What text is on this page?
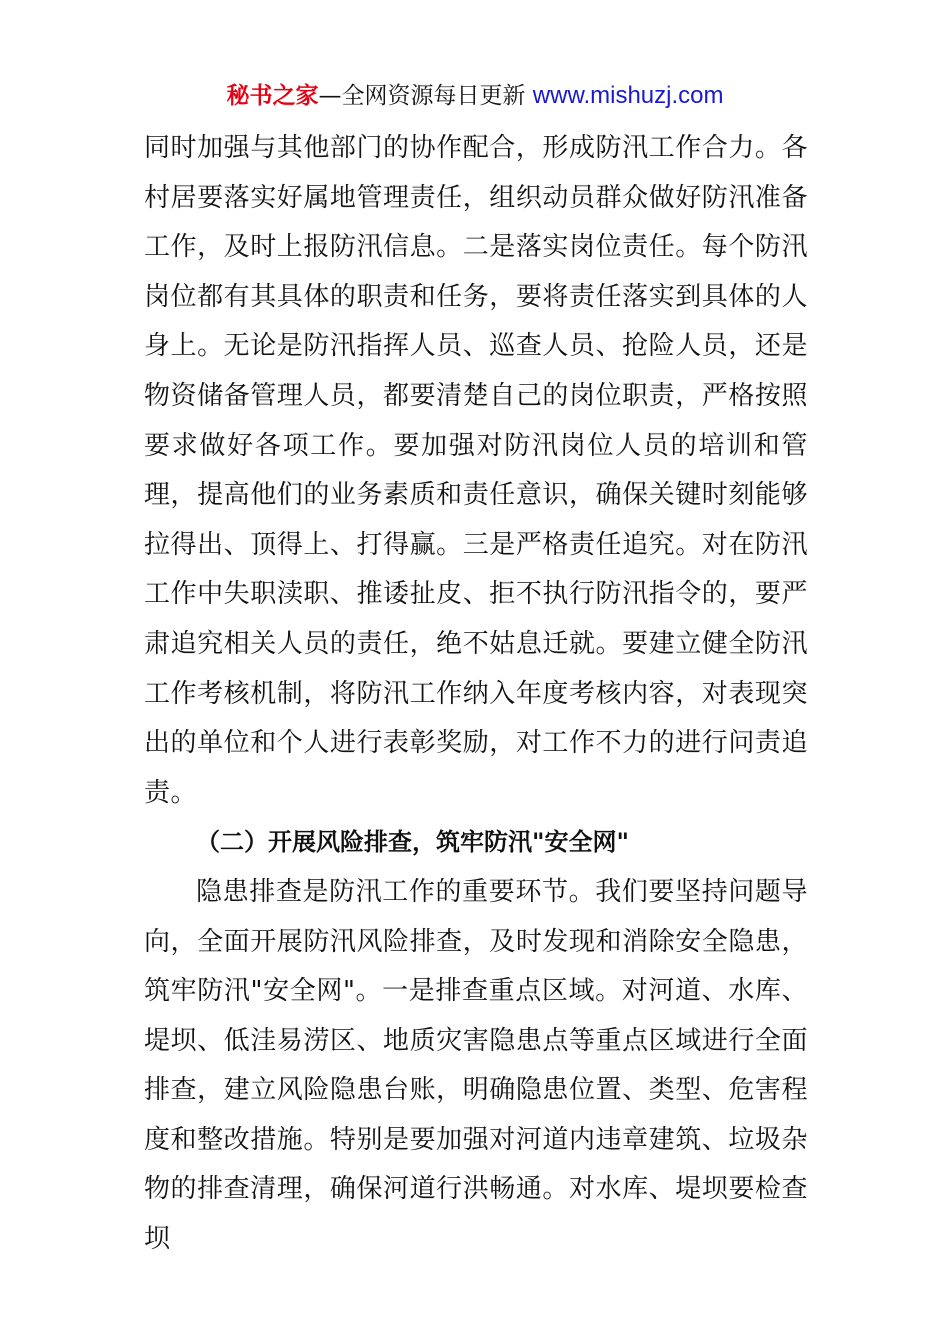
秘书之家—全网资源每日更新 www.mishuzj.com

同时加强与其他部门的协作配合，形成防汛工作合力。各村居要落实好属地管理责任，组织动员群众做好防汛准备工作，及时上报防汛信息。二是落实岗位责任。每个防汛岗位都有其具体的职责和任务，要将责任落实到具体的人身上。无论是防汛指挥人员、巡查人员、抢险人员，还是物资储备管理人员，都要清楚自己的岗位职责，严格按照要求做好各项工作。要加强对防汛岗位人员的培训和管理，提高他们的业务素质和责任意识，确保关键时刻能够拉得出、顶得上、打得赢。三是严格责任追究。对在防汛工作中失职渎职、推诿扯皮、拒不执行防汛指令的，要严肃追究相关人员的责任，绝不姑息迁就。要建立健全防汛工作考核机制，将防汛工作纳入年度考核内容，对表现突出的单位和个人进行表彰奖励，对工作不力的进行问责追责。

（二）开展风险排查，筑牢防汛"安全网"

隐患排查是防汛工作的重要环节。我们要坚持问题导向，全面开展防汛风险排查，及时发现和消除安全隐患，筑牢防汛"安全网"。一是排查重点区域。对河道、水库、堤坝、低洼易涝区、地质灾害隐患点等重点区域进行全面排查，建立风险隐患台账，明确隐患位置、类型、危害程度和整改措施。特别是要加强对河道内违章建筑、垃圾杂物的排查清理，确保河道行洪畅通。对水库、堤坝要检查坝
